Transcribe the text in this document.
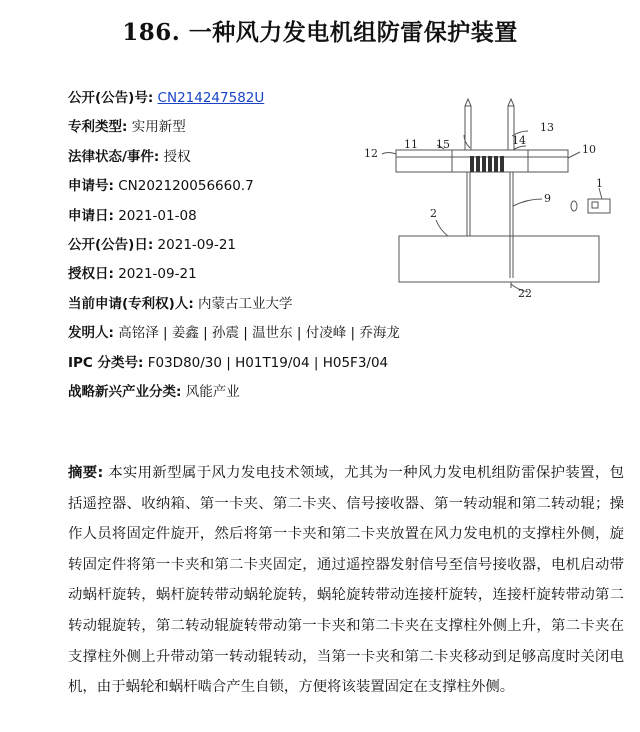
186. 一种风力发电机组防雷保护装置
公开(公告)号: CN214247582U
专利类型: 实用新型
法律状态/事件: 授权
申请号: CN202120056660.7
申请日: 2021-01-08
公开(公告)日: 2021-09-21
授权日: 2021-09-21
当前申请(专利权)人: 内蒙古工业大学
发明人: 高铭泽 | 姜鑫 | 孙震 | 温世东 | 付凌峰 | 乔海龙
IPC 分类号: F03D80/30 | H01T19/04 | H05F3/04
战略新兴产业分类: 风能产业
1
2
9
10
11
12
13
14
15
22
摘要: 本实用新型属于风力发电技术领域，尤其为一种风力发电机组防雷保护装置，包括遥控器、收纳箱、第一卡夹、第二卡夹、信号接收器、第一转动辊和第二转动辊；操作人员将固定件旋开，然后将第一卡夹和第二卡夹放置在风力发电机的支撑柱外侧，旋转固定件将第一卡夹和第二卡夹固定，通过遥控器发射信号至信号接收器，电机启动带动蜗杆旋转，蜗杆旋转带动蜗轮旋转，蜗轮旋转带动连接杆旋转，连接杆旋转带动第二转动辊旋转，第二转动辊旋转带动第一卡夹和第二卡夹在支撑柱外侧上升，第二卡夹在支撑柱外侧上升带动第一转动辊转动，当第一卡夹和第二卡夹移动到足够高度时关闭电机，由于蜗轮和蜗杆啮合产生自锁，方便将该装置固定在支撑柱外侧。
